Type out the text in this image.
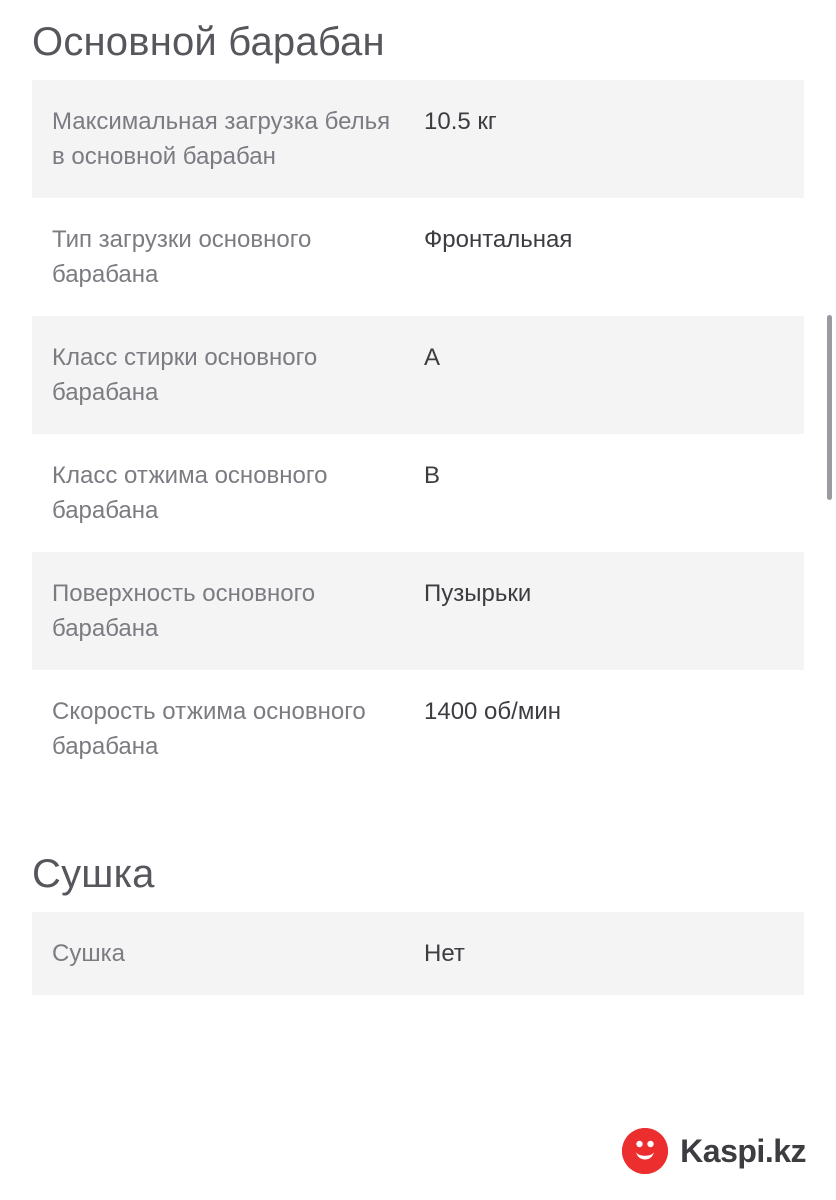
Основной барабан
Максимальная загрузка белья в основной барабан
10.5 кг
Тип загрузки основного барабана
Фронтальная
Класс стирки основного барабана
A
Класс отжима основного барабана
B
Поверхность основного барабана
Пузырьки
Скорость отжима основного барабана
1400 об/мин
Сушка
Сушка	Нет
Kaspi.kz
